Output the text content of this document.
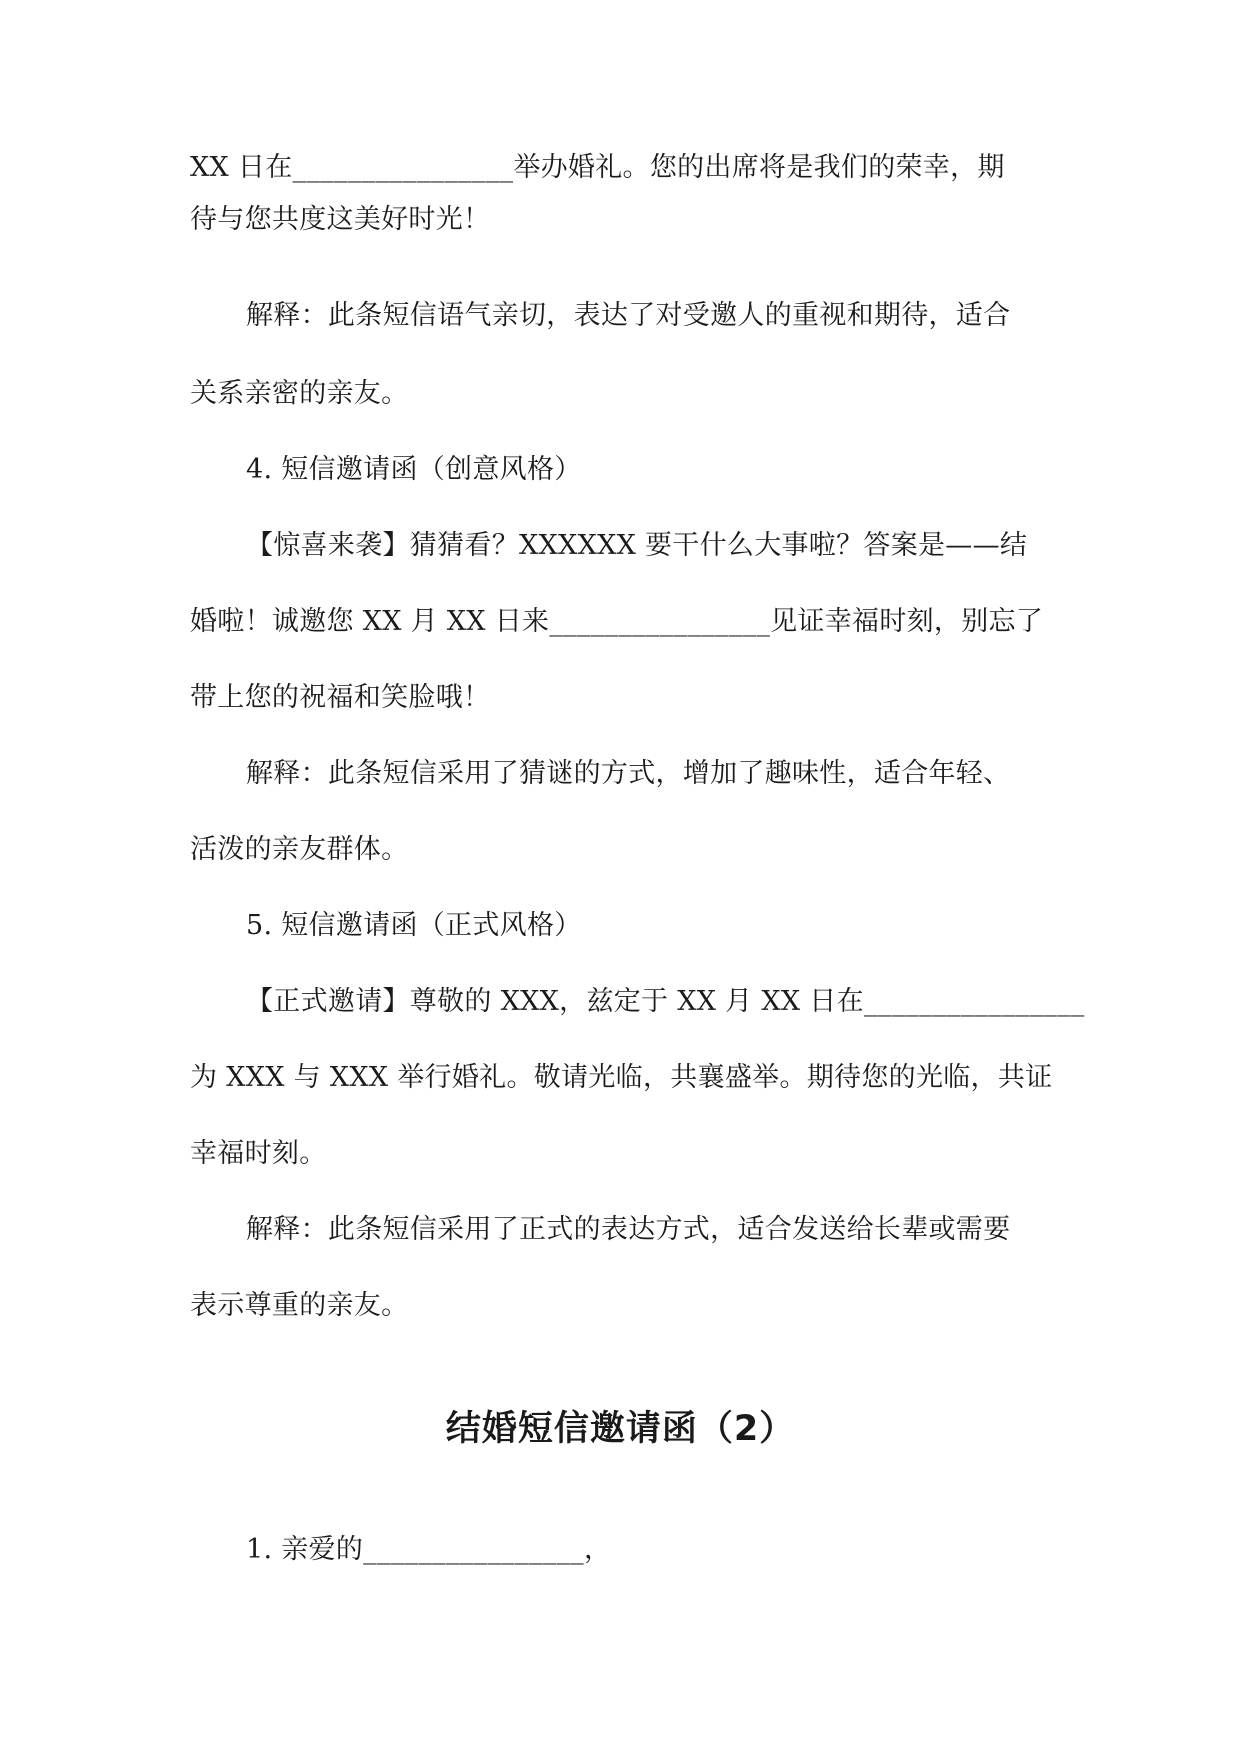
XX 日在________________举办婚礼。您的出席将是我们的荣幸，期
待与您共度这美好时光！
解释：此条短信语气亲切，表达了对受邀人的重视和期待，适合
关系亲密的亲友。
4. 短信邀请函（创意风格）
【惊喜来袭】猜猜看？XXXXXX 要干什么大事啦？答案是——结
婚啦！诚邀您 XX 月 XX 日来________________见证幸福时刻，别忘了
带上您的祝福和笑脸哦！
解释：此条短信采用了猜谜的方式，增加了趣味性，适合年轻、
活泼的亲友群体。
5. 短信邀请函（正式风格）
【正式邀请】尊敬的 XXX，兹定于 XX 月 XX 日在________________
为 XXX 与 XXX 举行婚礼。敬请光临，共襄盛举。期待您的光临，共证
幸福时刻。
解释：此条短信采用了正式的表达方式，适合发送给长辈或需要
表示尊重的亲友。
结婚短信邀请函（2）
1. 亲爱的________________，
